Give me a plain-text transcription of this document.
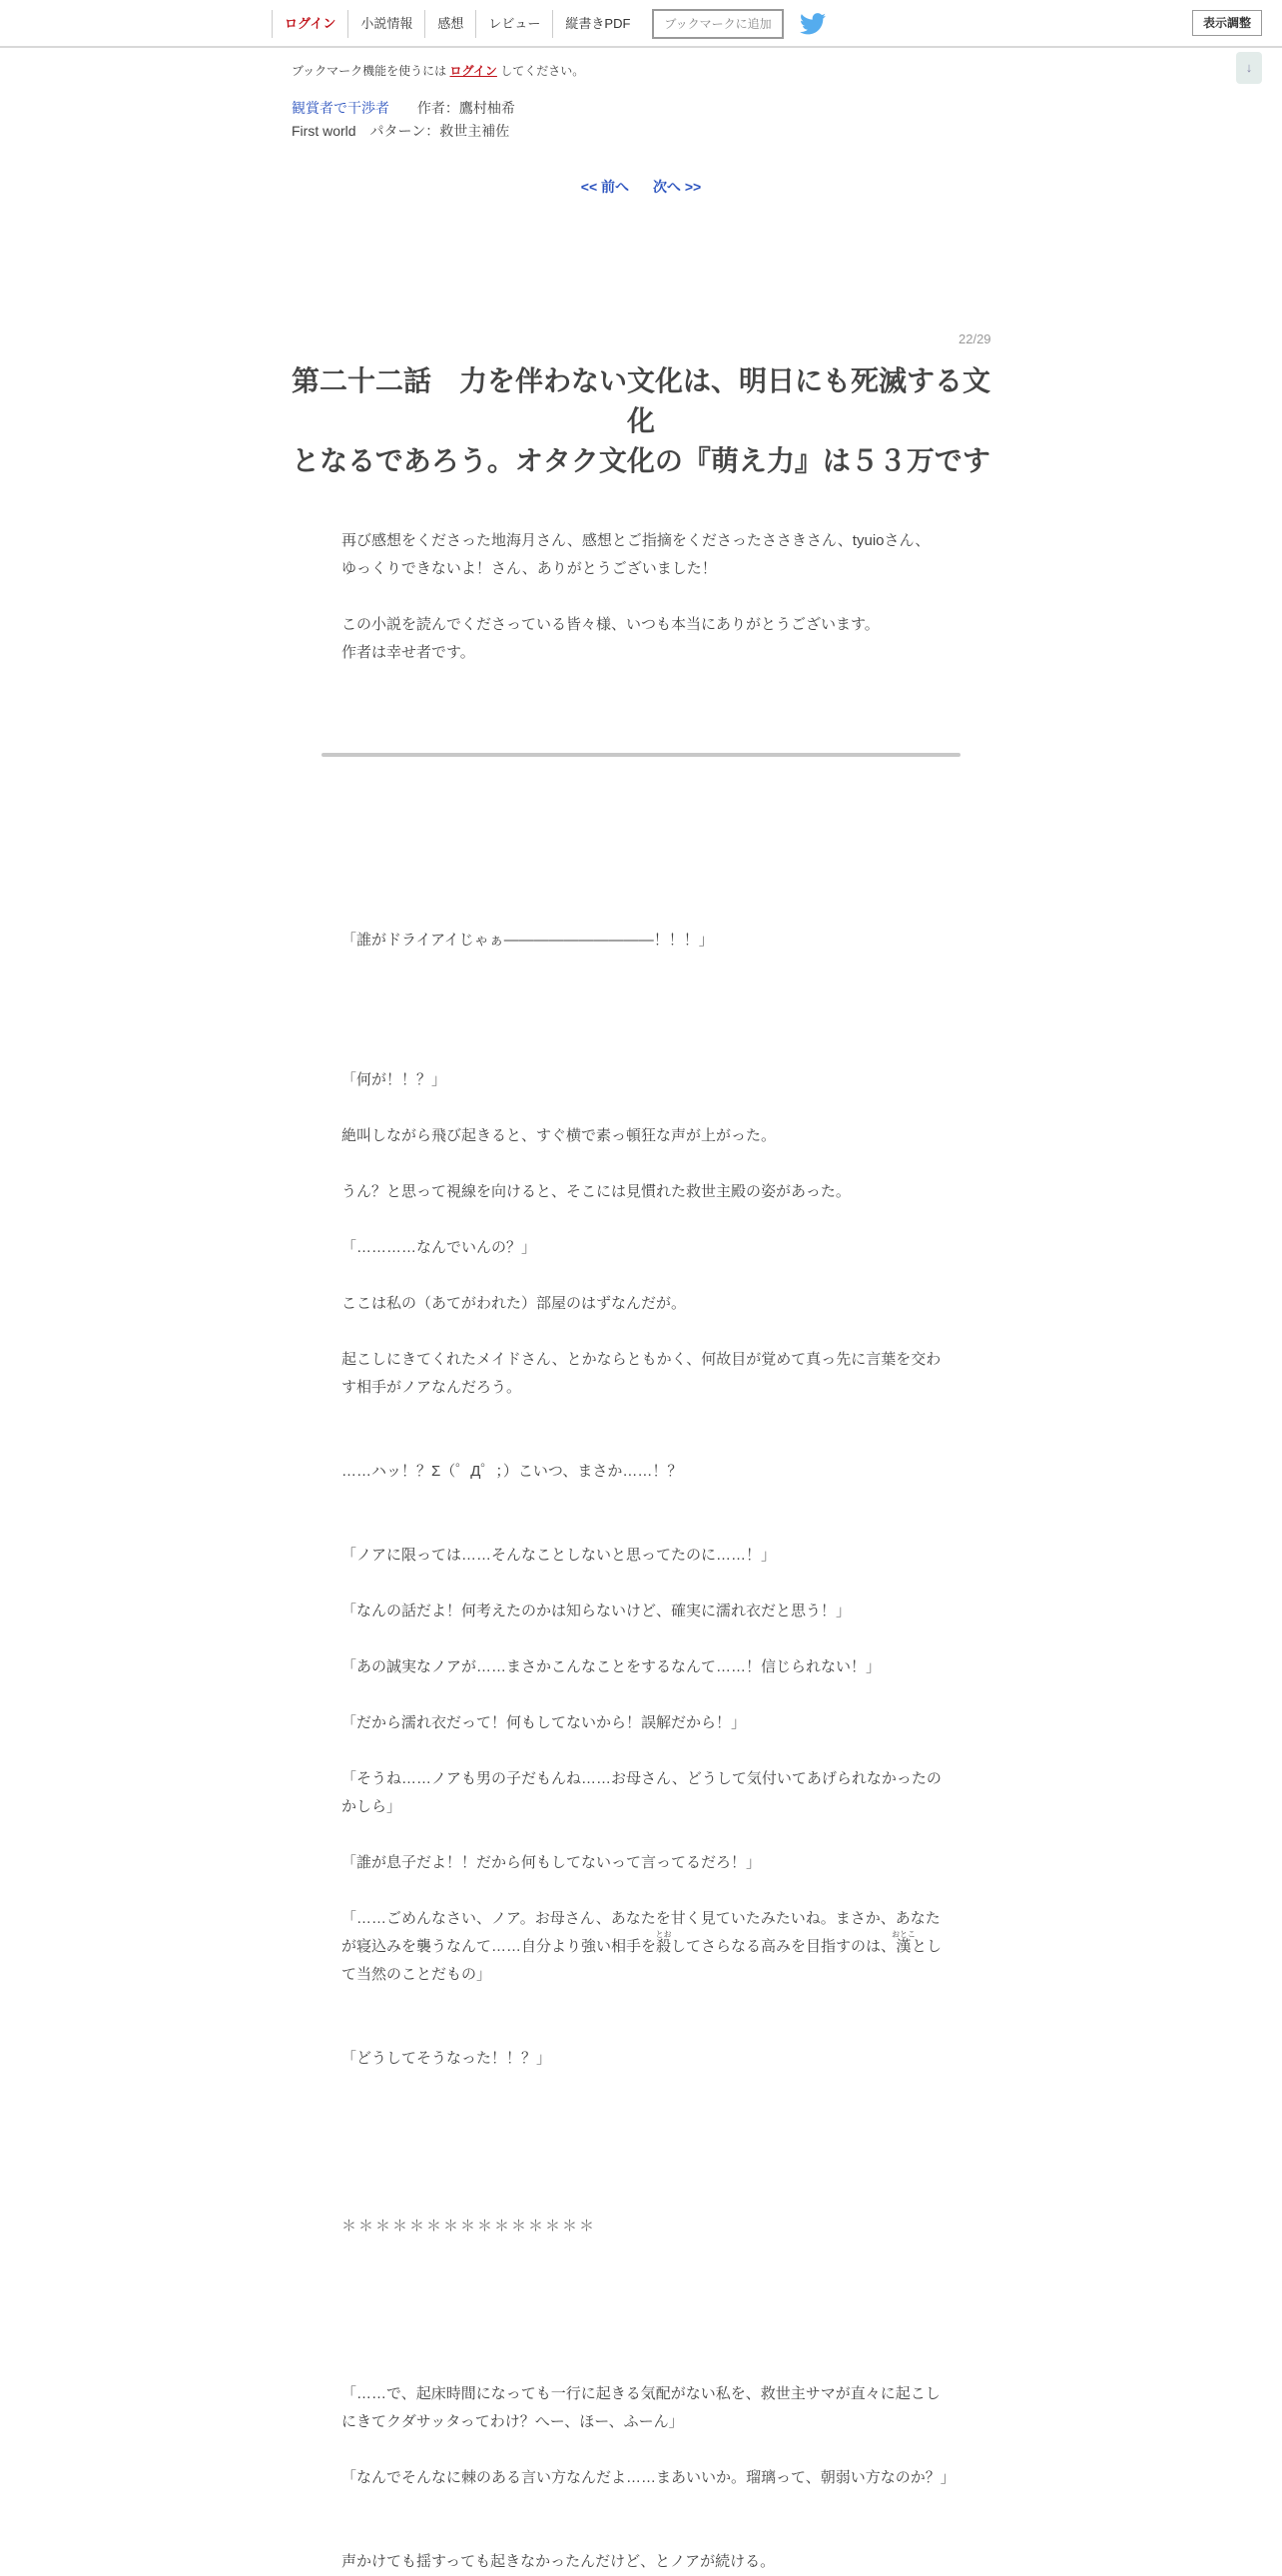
ログイン	小説情報	感想	レビュー	縦書きPDF	ブックマークに追加	表示調整
↓
ブックマーク機能を使うには ログイン してください。
観賞者で干渉者 作者：鷹村柚希
First world　パターン：救世主補佐
<< 前へ 次へ >>
22/29
第二十二話　力を伴わない文化は、明日にも死滅する文化
となるであろう。オタク文化の『萌え力』は５３万です

再び感想をくださった地海月さん、感想とご指摘をくださったささきさん、tyuioさん、ゆっくりできないよ！さん、ありがとうございました！

この小説を読んでくださっている皆々様、いつも本当にありがとうございます。

作者は幸せ者です。

「誰がドライアイじゃぁ――――――――――！！！」
「何が！！？」
絶叫しながら飛び起きると、すぐ横で素っ頓狂な声が上がった。
うん？と思って視線を向けると、そこには見慣れた救世主殿の姿があった。
「…………なんでいんの？」
ここは私の（あてがわれた）部屋のはずなんだが。
起こしにきてくれたメイドさん、とかならともかく、何故目が覚めて真っ先に言葉を交わす相手がノアなんだろう。
……ハッ！？Σ（゜Д゜；）こいつ、まさか……！？
「ノアに限っては……そんなことしないと思ってたのに……！」
「なんの話だよ！何考えたのかは知らないけど、確実に濡れ衣だと思う！」
「あの誠実なノアが……まさかこんなことをするなんて……！信じられない！」
「だから濡れ衣だって！何もしてないから！誤解だから！」
「そうね……ノアも男の子だもんね……お母さん、どうして気付いてあげられなかったのかしら」
「誰が息子だよ！！だから何もしてないって言ってるだろ！」
「……ごめんなさい、ノア。お母さん、あなたを甘く見ていたみたいね。まさか、あなたが寝込みを襲うなんて……自分より強い相手を殺とおしてさらなる高みを目指すのは、漢おとことして当然のことだもの」
「どうしてそうなった！！？」
＊＊＊＊＊＊＊＊＊＊＊＊＊＊＊
「……で、起床時間になっても一行に起きる気配がない私を、救世主サマが直々に起こしにきてクダサッタってわけ？へー、ほー、ふーん」
「なんでそんなに棘のある言い方なんだよ……まあいいか。瑠璃って、朝弱い方なのか？」
声かけても揺すっても起きなかったんだけど、とノアが続ける。
